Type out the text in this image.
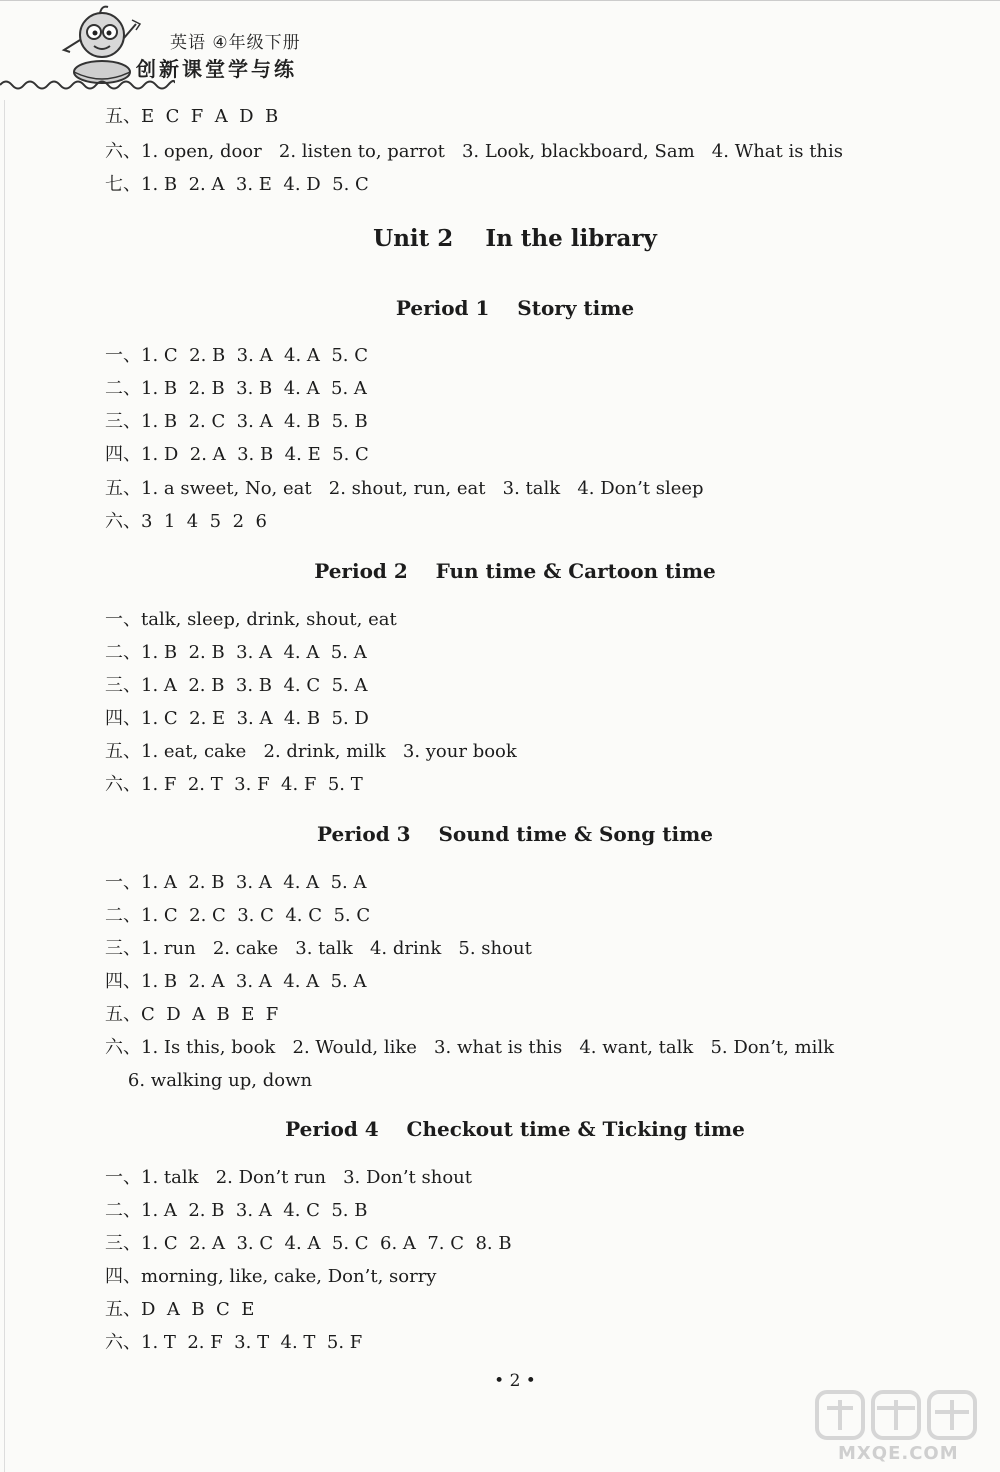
英语 ④年级下册
创新课堂学与练
五、E  C  F  A  D  B
六、1. open, door   2. listen to, parrot   3. Look, blackboard, Sam   4. What is this
七、1. B  2. A  3. E  4. D  5. C
一、1. C  2. B  3. A  4. A  5. C
二、1. B  2. B  3. B  4. A  5. A
三、1. B  2. C  3. A  4. B  5. B
四、1. D  2. A  3. B  4. E  5. C
五、1. a sweet, No, eat   2. shout, run, eat   3. talk   4. Don’t sleep
六、3  1  4  5  2  6
一、talk, sleep, drink, shout, eat
二、1. B  2. B  3. A  4. A  5. A
三、1. A  2. B  3. B  4. C  5. A
四、1. C  2. E  3. A  4. B  5. D
五、1. eat, cake   2. drink, milk   3. your book
六、1. F  2. T  3. F  4. F  5. T
一、1. A  2. B  3. A  4. A  5. A
二、1. C  2. C  3. C  4. C  5. C
三、1. run   2. cake   3. talk   4. drink   5. shout
四、1. B  2. A  3. A  4. A  5. A
五、C  D  A  B  E  F
六、1. Is this, book   2. Would, like   3. what is this   4. want, talk   5. Don’t, milk
6. walking up, down
一、1. talk   2. Don’t run   3. Don’t shout
二、1. A  2. B  3. A  4. C  5. B
三、1. C  2. A  3. C  4. A  5. C  6. A  7. C  8. B
四、morning, like, cake, Don’t, sorry
五、D  A  B  C  E
六、1. T  2. F  3. T  4. T  5. F
Unit 2    In the library
Period 1    Story time
Period 2    Fun time & Cartoon time
Period 3    Sound time & Song time
Period 4    Checkout time & Ticking time
• 2 •
MXQE.COM
